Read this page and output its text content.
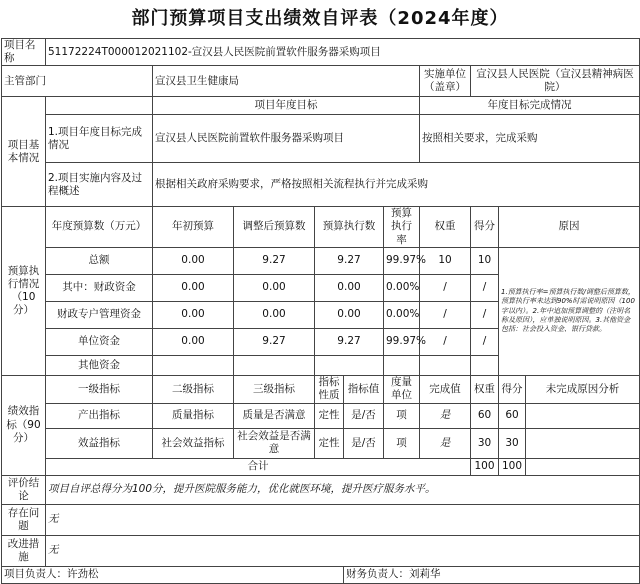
部门预算项目支出绩效自评表（2024年度）
项目名称	51172224T000012021102-宣汉县人民医院前置软件服务器采购项目									
主管部门		宣汉县卫生健康局					实施单位（盖章）	宣汉县人民医院（宣汉县精神病医院）		
项目基本情况		项目年度目标					年度目标完成情况			
	1.项目年度目标完成情况	宣汉县人民医院前置软件服务器采购项目					按照相关要求，完成采购			
	2.项目实施内容及过程概述	根据相关政府采购要求，严格按照相关流程执行并完成采购								
预算执行情况（10分）	年度预算数（万元）	年初预算	调整后预算数	预算执行数		预算执行率	权重	得分	原因	
	总额	0.00	9.27	9.27		99.97%	10	10	1.预算执行率=预算执行数/调整后预算数，预算执行率未达到90%时需说明原因（100字以内）。2.年中追加预算调整的（注明名称及原因），应单独说明原因。3.其他资金包括：社会投入资金、银行贷款。	
	其中：财政资金	0.00	0.00	0.00		0.00%	/	/		
	财政专户管理资金	0.00	0.00	0.00		0.00%	/	/		
	单位资金	0.00	9.27	9.27		99.97%	/	/		
	其他资金									
绩效指标（90分）	一级指标	二级指标	三级指标	指标性质	指标值	度量单位	完成值	权重	得分	未完成原因分析
	产出指标	质量指标	质量是否满意	定性	是/否	项	是	60	60	
	效益指标	社会效益指标	社会效益是否满意	定性	是/否	项	是	30	30	
	合计							100	100	
评价结论	项目自评总得分为100分，提升医院服务能力，优化就医环境，提升医疗服务水平。									
存在问题	无									
改进措施	无									
项目负责人：许劲松					财务负责人：刘莉华					
